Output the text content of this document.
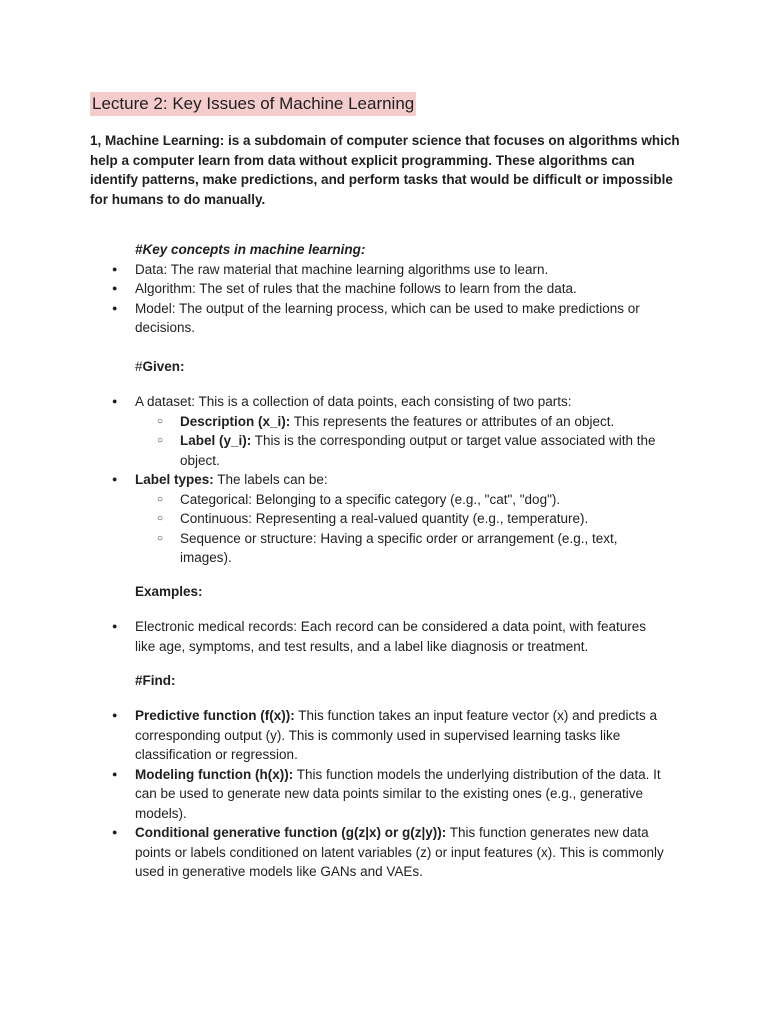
Lecture 2: Key Issues of Machine Learning
1, Machine Learning: is a subdomain of computer science that focuses on algorithms which help a computer learn from data without explicit programming. These algorithms can identify patterns, make predictions, and perform tasks that would be difficult or impossible for humans to do manually.
#Key concepts in machine learning:
● Data: The raw material that machine learning algorithms use to learn.
● Algorithm: The set of rules that the machine follows to learn from the data.
● Model: The output of the learning process, which can be used to make predictions or decisions.
#Given:
● A dataset: This is a collection of data points, each consisting of two parts:
○ Description (x_i): This represents the features or attributes of an object.
○ Label (y_i): This is the corresponding output or target value associated with the object.
● Label types: The labels can be:
○ Categorical: Belonging to a specific category (e.g., "cat", "dog").
○ Continuous: Representing a real-valued quantity (e.g., temperature).
○ Sequence or structure: Having a specific order or arrangement (e.g., text, images).
Examples:
● Electronic medical records: Each record can be considered a data point, with features like age, symptoms, and test results, and a label like diagnosis or treatment.
#Find:
● Predictive function (f(x)): This function takes an input feature vector (x) and predicts a corresponding output (y). This is commonly used in supervised learning tasks like classification or regression.
● Modeling function (h(x)): This function models the underlying distribution of the data. It can be used to generate new data points similar to the existing ones (e.g., generative models).
● Conditional generative function (g(z|x) or g(z|y)): This function generates new data points or labels conditioned on latent variables (z) or input features (x). This is commonly used in generative models like GANs and VAEs.
